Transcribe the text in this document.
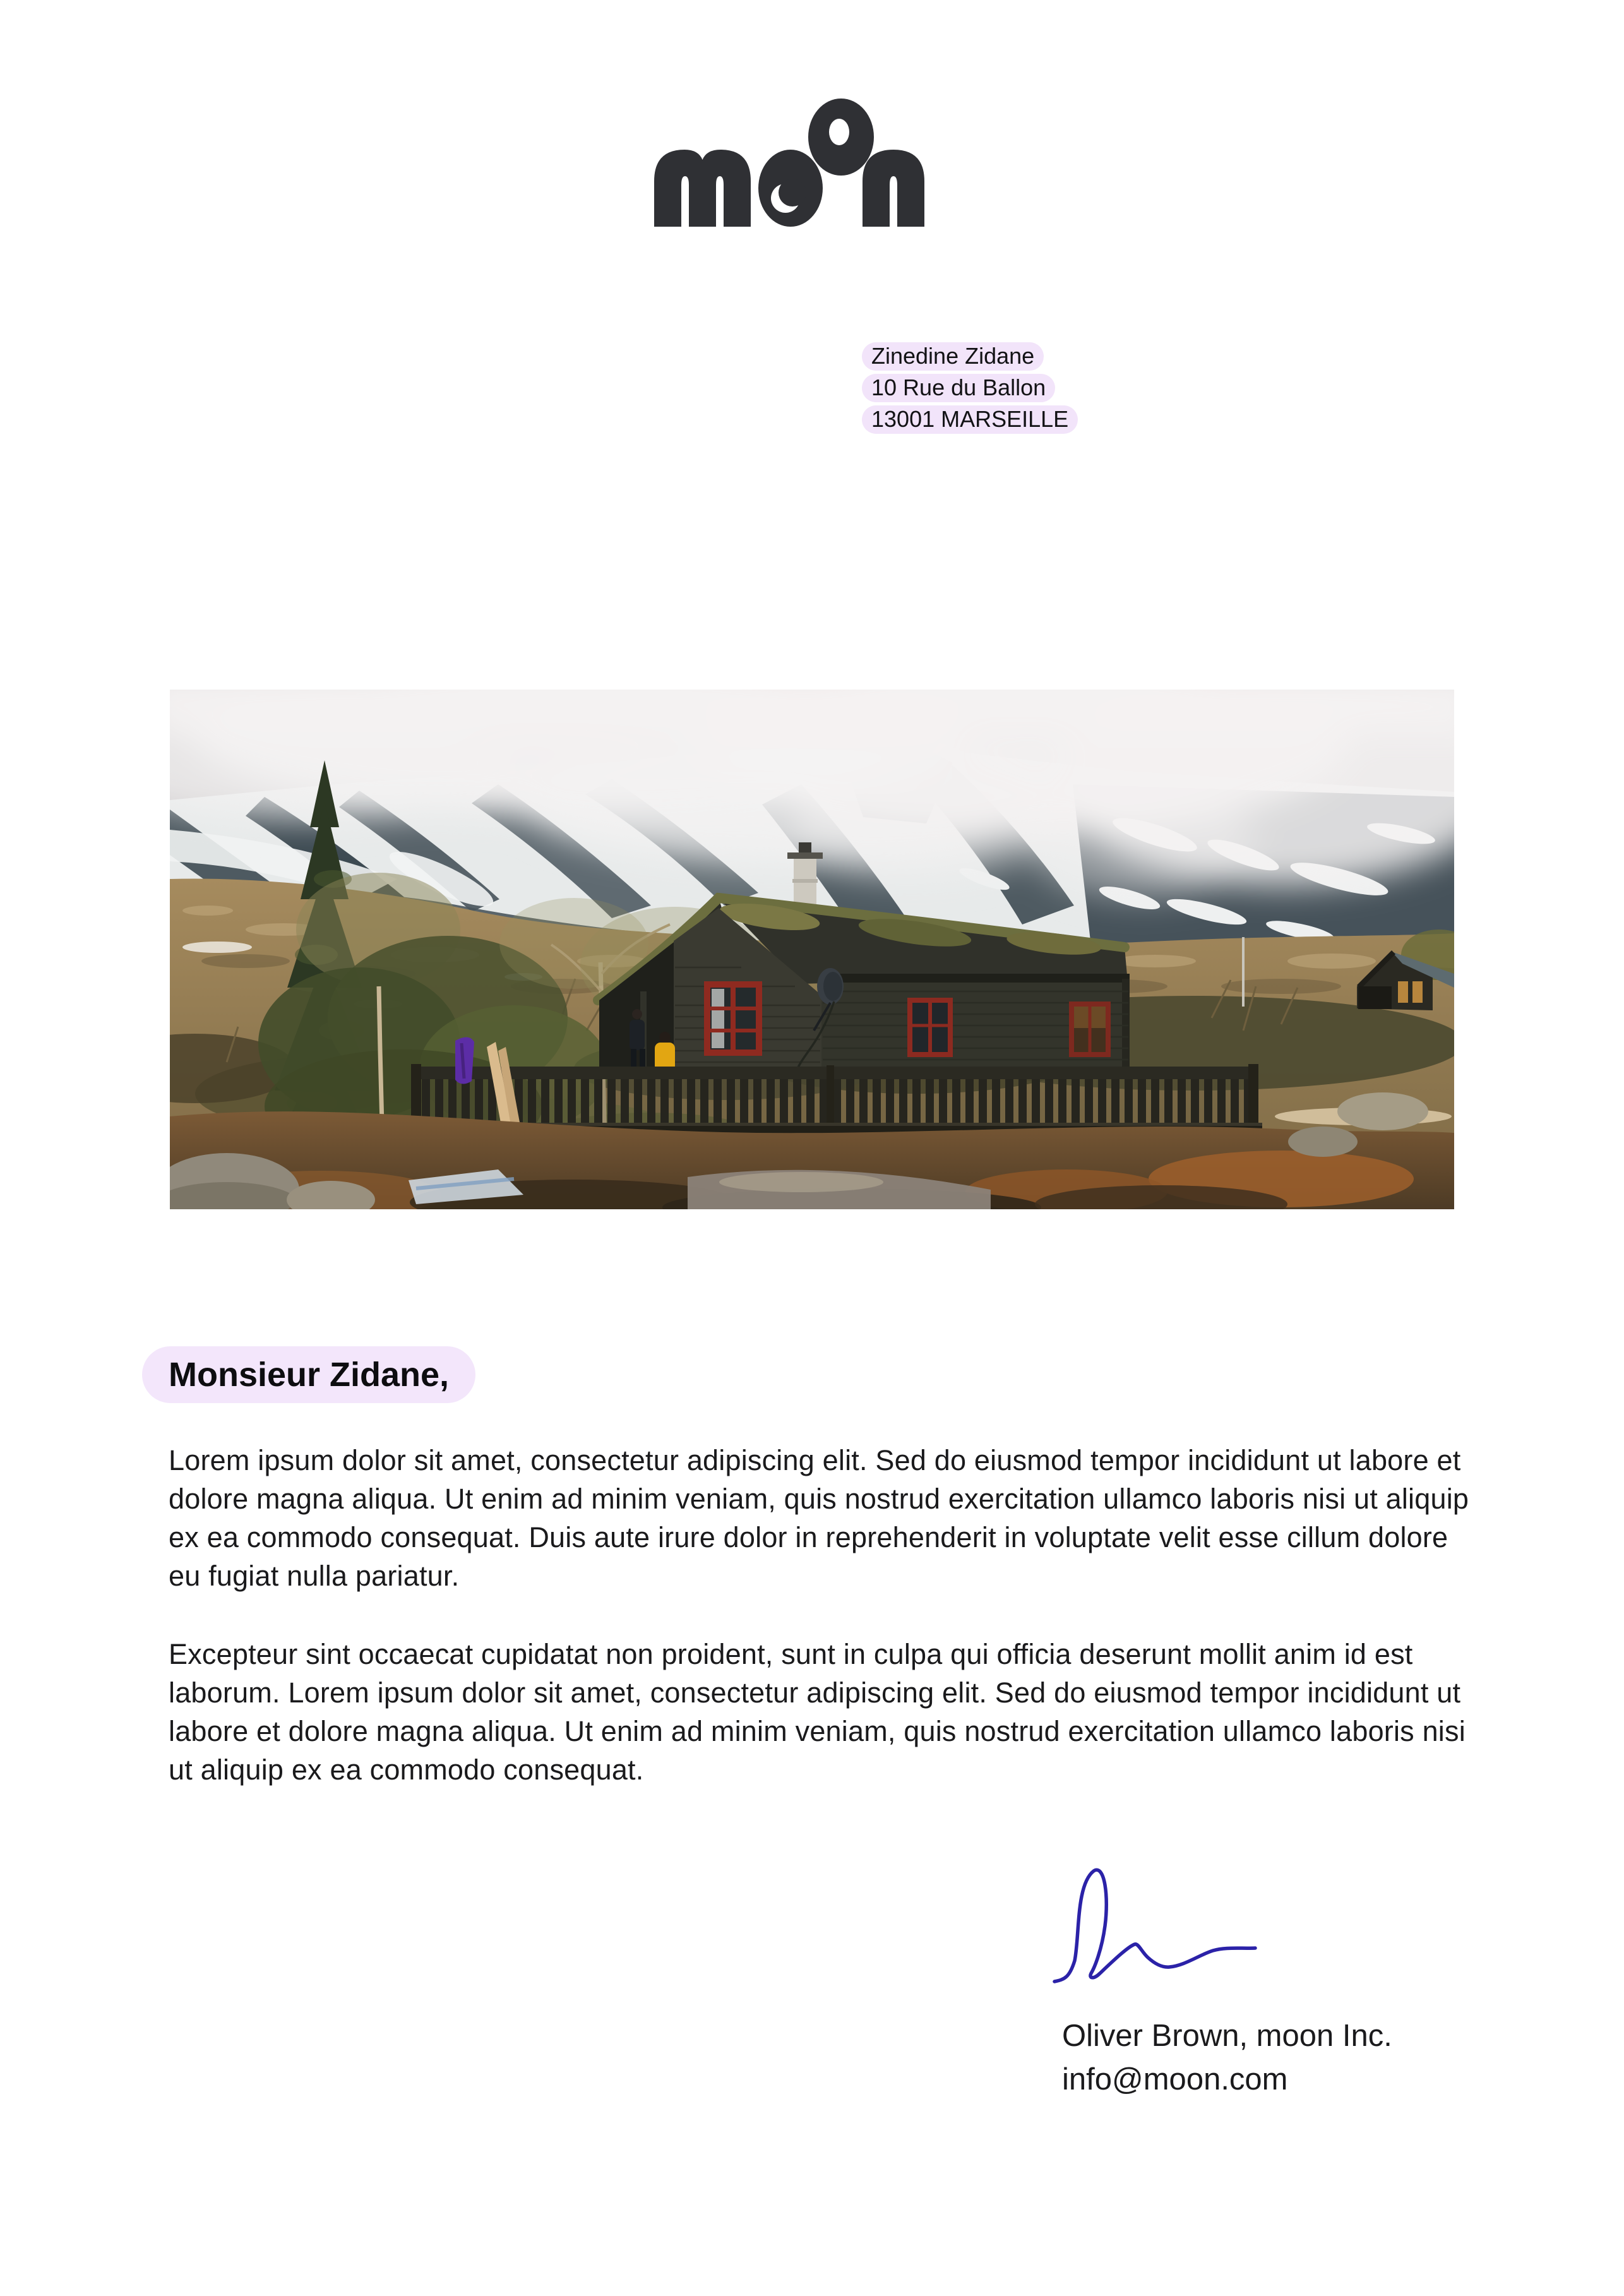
Zinedine Zidane
10 Rue du Ballon
13001 MARSEILLE
Monsieur Zidane,

Lorem ipsum dolor sit amet, consectetur adipiscing elit. Sed do eiusmod tempor incididunt ut labore et dolore magna aliqua. Ut enim ad minim veniam, quis nostrud exercitation ullamco laboris nisi ut aliquip ex ea commodo consequat. Duis aute irure dolor in reprehenderit in voluptate velit esse cillum dolore eu fugiat nulla pariatur.

Excepteur sint occaecat cupidatat non proident, sunt in culpa qui officia deserunt mollit anim id est laborum. Lorem ipsum dolor sit amet, consectetur adipiscing elit. Sed do eiusmod tempor incididunt ut labore et dolore magna aliqua. Ut enim ad minim veniam, quis nostrud exercitation ullamco laboris nisi ut aliquip ex ea commodo consequat.

Oliver Brown, moon Inc.
info@moon.com
